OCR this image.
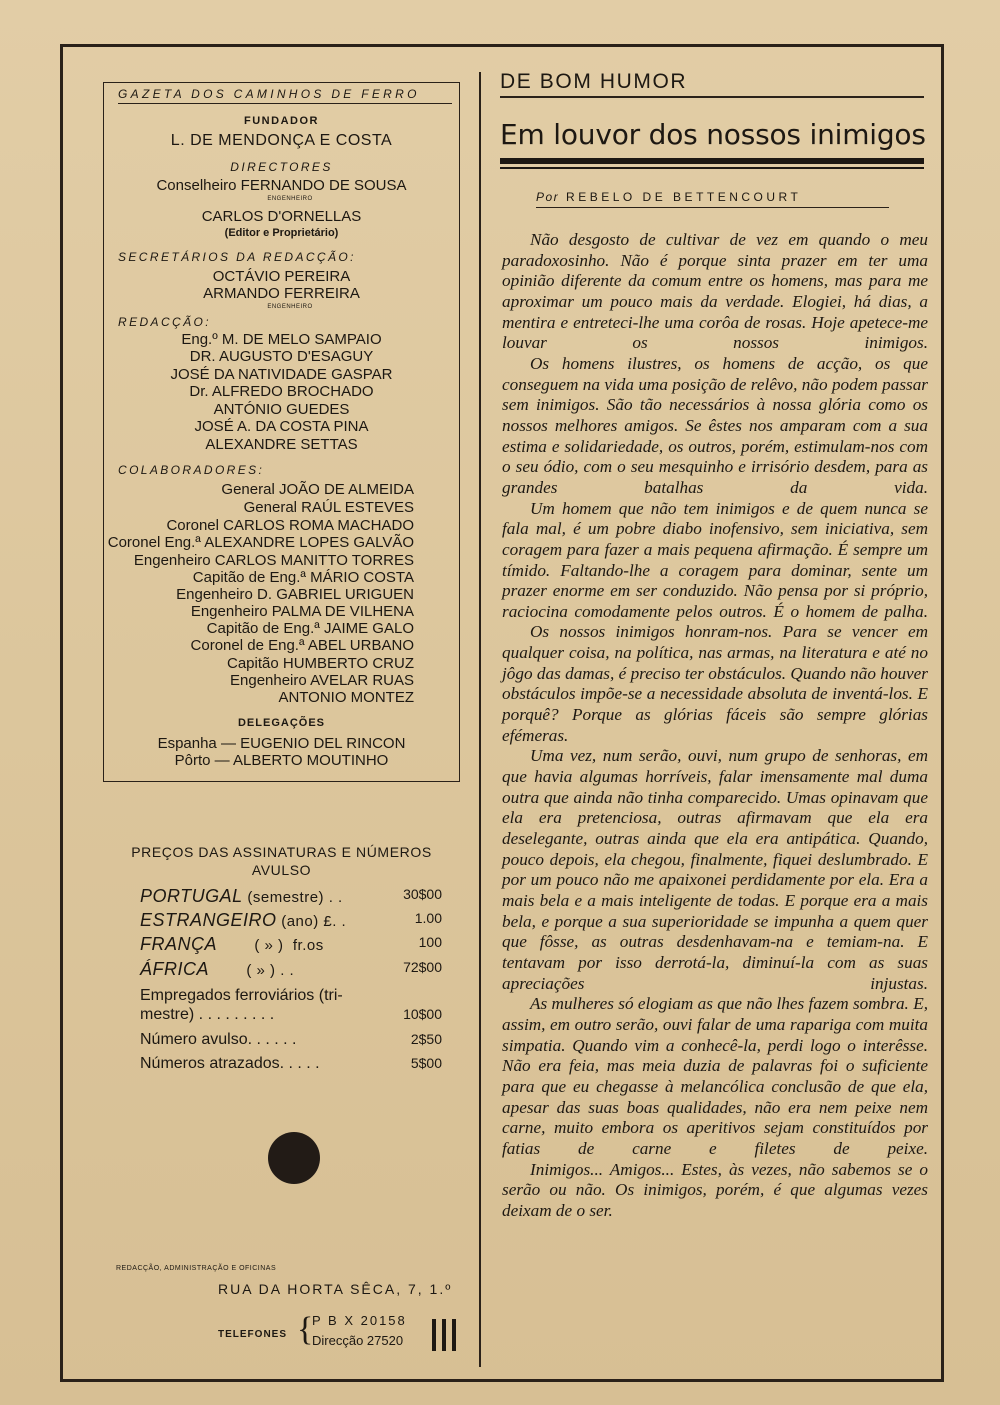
GAZETA DOS CAMINHOS DE FERRO
FUNDADOR
L. DE MENDONÇA E COSTA
DIRECTORES
Conselheiro FERNANDO DE SOUSA
ENGENHEIRO
CARLOS D'ORNELLAS
(Editor e Proprietário)
SECRETÁRIOS DA REDACÇÃO:
OCTÁVIO PEREIRA
ARMANDO FERREIRA
ENGENHEIRO
REDACÇÃO:
Eng.º M. DE MELO SAMPAIO
DR. AUGUSTO D'ESAGUY
JOSÉ DA NATIVIDADE GASPAR
Dr. ALFREDO BROCHADO
ANTÓNIO GUEDES
JOSÉ A. DA COSTA PINA
ALEXANDRE SETTAS
COLABORADORES:
General JOÃO DE ALMEIDA
General RAÚL ESTEVES
Coronel CARLOS ROMA MACHADO
Coronel Eng.ª ALEXANDRE LOPES GALVÃO
Engenheiro CARLOS MANITTO TORRES
Capitão de Eng.ª MÁRIO COSTA
Engenheiro D. GABRIEL URIGUEN
Engenheiro PALMA DE VILHENA
Capitão de Eng.ª JAIME GALO
Coronel de Eng.ª ABEL URBANO
Capitão HUMBERTO CRUZ
Engenheiro AVELAR RUAS
ANTONIO MONTEZ
DELEGAÇÕES
Espanha — EUGENIO DEL RINCON
Pôrto — ALBERTO MOUTINHO
PREÇOS DAS ASSINATURAS E NÚMEROS
AVULSO
PORTUGAL (semestre) . .	30$00
ESTRANGEIRO (ano) £. .	1.00
FRANÇA        ( » )  fr.os	100
ÁFRICA        ( » ) . .	72$00
Empregados ferroviários (tri-
mestre) . . . . . . . . .	10$00
Número avulso. . . . . .	2$50
Números atrazados. . . . .	5$00
REDACÇÃO, ADMINISTRAÇÃO E OFICINAS
RUA DA HORTA SÊCA, 7, 1.º
TELEFONES {
P B X 20158
Direcção 27520
DE BOM HUMOR
Em louvor dos nossos inimigos
Por REBELO DE BETTENCOURT

Não desgosto de cultivar de vez em quando o meu paradoxosinho. Não é porque sinta prazer em ter uma opinião diferente da comum entre os homens, mas para me aproximar um pouco mais da verdade. Elogiei, há dias, a mentira e entreteci-lhe uma corôa de rosas. Hoje apetece-me louvar os nossos inimigos.

Os homens ilustres, os homens de acção, os que conseguem na vida uma posição de relêvo, não podem passar sem inimigos. São tão necessários à nossa glória como os nossos melhores amigos. Se êstes nos amparam com a sua estima e solidariedade, os outros, porém, estimulam-nos com o seu ódio, com o seu mesquinho e irrisório desdem, para as grandes batalhas da vida.

Um homem que não tem inimigos e de quem nunca se fala mal, é um pobre diabo inofensivo, sem iniciativa, sem coragem para fazer a mais pequena afirmação. É sempre um tímido. Faltando-lhe a coragem para dominar, sente um prazer enorme em ser conduzido. Não pensa por si próprio, raciocina comodamente pelos outros. É o homem de palha.

Os nossos inimigos honram-nos. Para se vencer em qualquer coisa, na política, nas armas, na literatura e até no jôgo das damas, é preciso ter obstáculos. Quando não houver obstáculos impõe-se a necessidade absoluta de inventá-los. E porquê? Porque as glórias fáceis são sempre glórias efémeras.

Uma vez, num serão, ouvi, num grupo de senhoras, em que havia algumas horríveis, falar imensamente mal duma outra que ainda não tinha comparecido. Umas opinavam que ela era pretenciosa, outras afirmavam que ela era deselegante, outras ainda que ela era antipática. Quando, pouco depois, ela chegou, finalmente, fiquei deslumbrado. E por um pouco não me apaixonei perdidamente por ela. Era a mais bela e a mais inteligente de todas. E porque era a mais bela, e porque a sua superioridade se impunha a quem quer que fôsse, as outras desdenhavam-na e temiam-na. E tentavam por isso derrotá-la, diminuí-la com as suas apreciações injustas.

As mulheres só elogiam as que não lhes fazem sombra. E, assim, em outro serão, ouvi falar de uma rapariga com muita simpatia. Quando vim a conhecê-la, perdi logo o interêsse. Não era feia, mas meia duzia de palavras foi o suficiente para que eu chegasse à melancólica conclusão de que ela, apesar das suas boas qualidades, não era nem peixe nem carne, muito embora os aperitivos sejam constituídos por fatias de carne e filetes de peixe.

Inimigos... Amigos... Estes, às vezes, não sabemos se o serão ou não. Os inimigos, porém, é que algumas vezes deixam de o ser.
